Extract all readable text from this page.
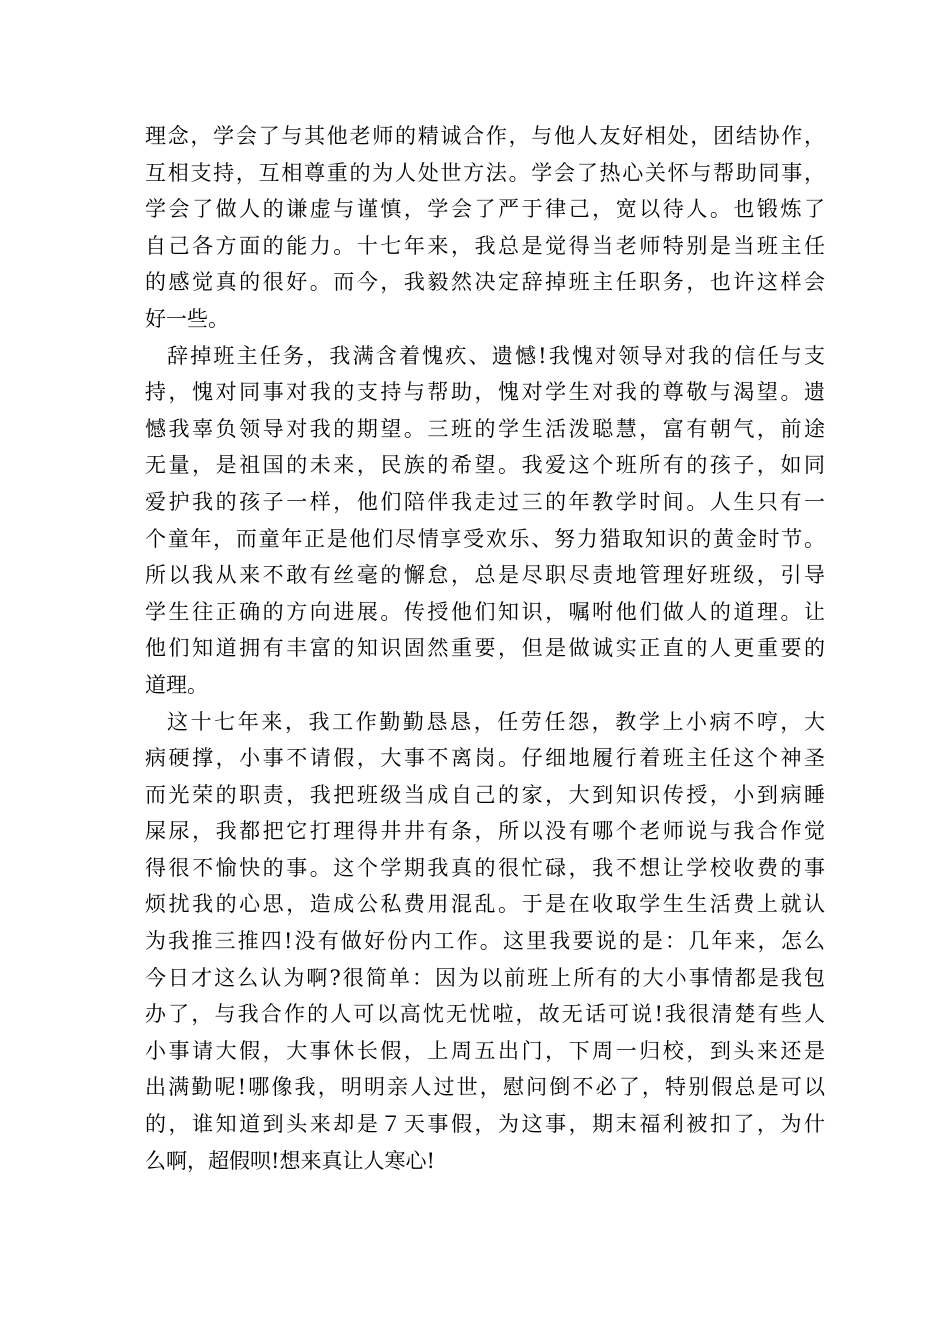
理念，学会了与其他老师的精诚合作，与他人友好相处，团结协作，
互相支持，互相尊重的为人处世方法。学会了热心关怀与帮助同事，
学会了做人的谦虚与谨慎，学会了严于律己，宽以待人。也锻炼了
自己各方面的能力。十七年来，我总是觉得当老师特别是当班主任
的感觉真的很好。而今，我毅然决定辞掉班主任职务，也许这样会
好一些。
辞掉班主任务，我满含着愧疚、遗憾!我愧对领导对我的信任与支
持，愧对同事对我的支持与帮助，愧对学生对我的尊敬与渴望。遗
憾我辜负领导对我的期望。三班的学生活泼聪慧，富有朝气，前途
无量，是祖国的未来，民族的希望。我爱这个班所有的孩子，如同
爱护我的孩子一样，他们陪伴我走过三的年教学时间。人生只有一
个童年，而童年正是他们尽情享受欢乐、努力猎取知识的黄金时节。
所以我从来不敢有丝毫的懈怠，总是尽职尽责地管理好班级，引导
学生往正确的方向进展。传授他们知识，嘱咐他们做人的道理。让
他们知道拥有丰富的知识固然重要，但是做诚实正直的人更重要的
道理。
这十七年来，我工作勤勤恳恳，任劳任怨，教学上小病不哼，大
病硬撑，小事不请假，大事不离岗。仔细地履行着班主任这个神圣
而光荣的职责，我把班级当成自己的家，大到知识传授，小到病睡
屎尿，我都把它打理得井井有条，所以没有哪个老师说与我合作觉
得很不愉快的事。这个学期我真的很忙碌，我不想让学校收费的事
烦扰我的心思，造成公私费用混乱。于是在收取学生生活费上就认
为我推三推四!没有做好份内工作。这里我要说的是：几年来，怎么
今日才这么认为啊?很简单：因为以前班上所有的大小事情都是我包
办了，与我合作的人可以高忱无忧啦，故无话可说!我很清楚有些人
小事请大假，大事休长假，上周五出门，下周一归校，到头来还是
出满勤呢!哪像我，明明亲人过世，慰问倒不必了，特别假总是可以
的，谁知道到头来却是７天事假，为这事，期末福利被扣了，为什
么啊，超假呗!想来真让人寒心!
